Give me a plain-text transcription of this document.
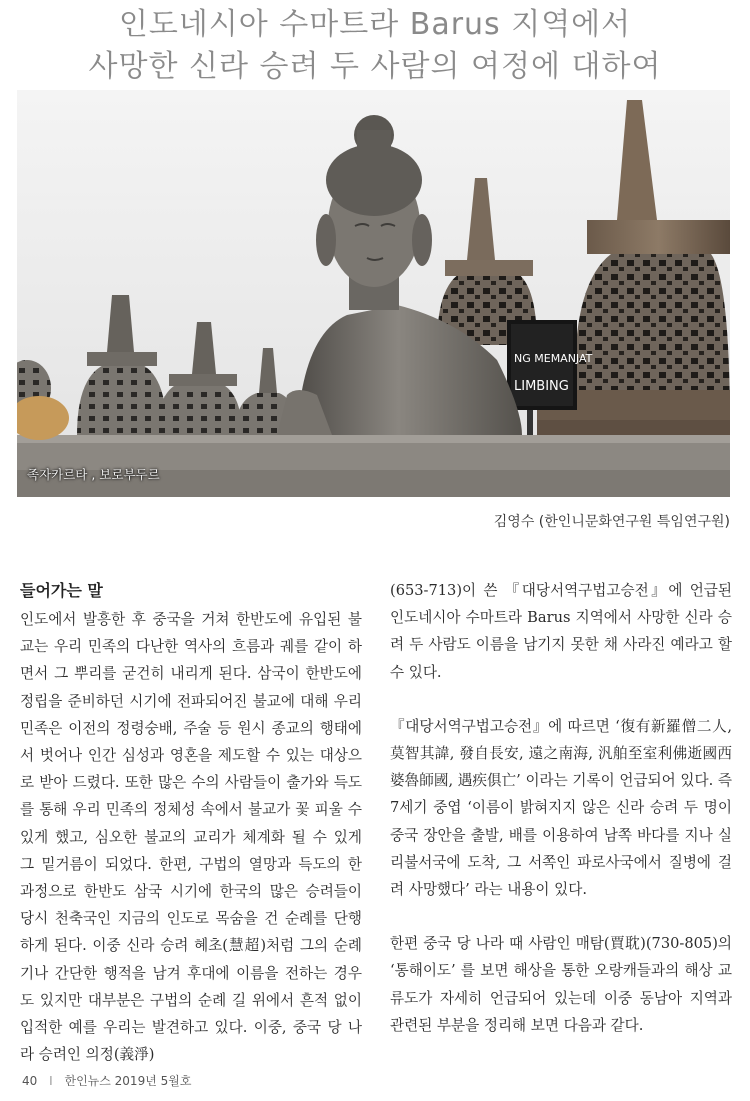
인도네시아 수마트라 Barus 지역에서
사망한 신라 승려 두 사람의 여정에 대하여
NG MEMANJAT
LIMBING
족자카르타 , 보로부두르
김영수 (한인니문화연구원 특임연구원)
들어가는 말

인도에서 발흥한 후 중국을 거쳐 한반도에 유입된 불교는 우리 민족의 다난한 역사의 흐름과 궤를 같이 하면서 그 뿌리를 굳건히 내리게 된다. 삼국이 한반도에 정립을 준비하던 시기에 전파되어진 불교에 대해 우리 민족은 이전의 정령숭배, 주술 등 원시 종교의 행태에서 벗어나 인간 심성과 영혼을 제도할 수 있는 대상으로 받아 드렸다. 또한 많은 수의 사람들이 출가와 득도를 통해 우리 민족의 정체성 속에서 불교가 꽃 피울 수 있게 했고, 심오한 불교의 교리가 체계화 될 수 있게 그 밑거름이 되었다. 한편, 구법의 열망과 득도의 한 과정으로 한반도 삼국 시기에 한국의 많은 승려들이 당시 천축국인 지금의 인도로 목숨을 건 순례를 단행하게 된다. 이중 신라 승려 혜초(慧超)처럼 그의 순례기나 간단한 행적을 남겨 후대에 이름을 전하는 경우도 있지만 대부분은 구법의 순례 길 위에서 흔적 없이 입적한 예를 우리는 발견하고 있다. 이중, 중국 당 나라 승려인 의정(義淨)

(653-713)이 쓴 『대당서역구법고승전』에 언급된 인도네시아 수마트라 Barus 지역에서 사망한 신라 승려 두 사람도 이름을 남기지 못한 채 사라진 예라고 할 수 있다.

『대당서역구법고승전』에 따르면 ‘復有新羅僧二人, 莫智其諱, 發自長安, 遠之南海, 汎舶至室利佛逝國西婆魯師國, 遇疾俱亡’ 이라는 기록이 언급되어 있다. 즉 7세기 중엽 ‘이름이 밝혀지지 않은 신라 승려 두 명이 중국 장안을 출발, 배를 이용하여 남쪽 바다를 지나 실리불서국에 도착, 그 서쪽인 파로사국에서 질병에 걸려 사망했다’ 라는 내용이 있다.

한편 중국 당 나라 때 사람인 매탐(賈耽)(730-805)의 ‘통해이도’ 를 보면 해상을 통한 오랑캐들과의 해상 교류도가 자세히 언급되어 있는데 이중 동남아 지역과 관련된 부분을 정리해 보면 다음과 같다.

40 I 한인뉴스 2019년 5월호
